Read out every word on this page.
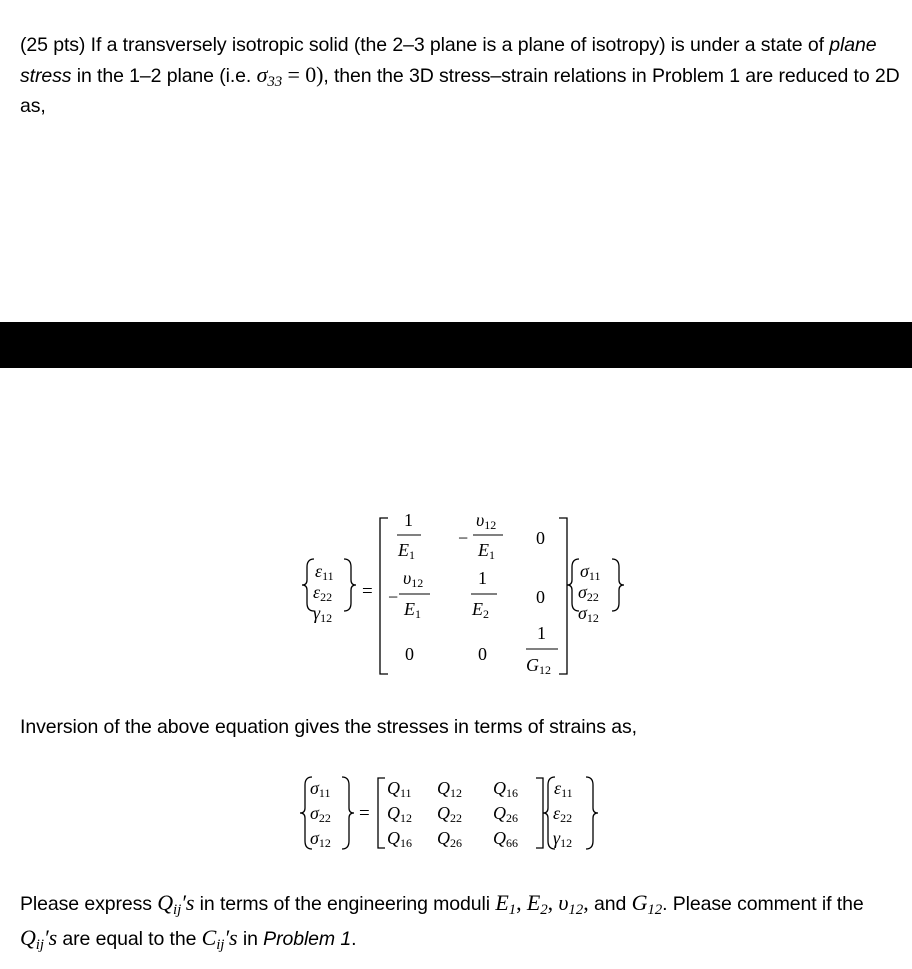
(25 pts) If a transversely isotropic solid (the 2–3 plane is a plane of isotropy) is under a state of plane stress in the 1–2 plane (i.e. $\sigma_{33} = 0$), then the 3D stress–strain relations in Problem 1 are reduced to 2D as,
ε11
ε22
γ12
=
1
E1
−
υ12
E1
0
−
υ12
E1
1
E2
0
0	0
1
G12
σ11
σ22
σ12
Inversion of the above equation gives the stresses in terms of strains as,
σ11
σ22
σ12
=
Q11 Q12 Q16
Q12 Q22 Q26
Q16 Q26 Q66
ε11
ε22
γ12
Please express $Q_{ij}'s$ in terms of the engineering moduli $E_1$, $E_2$, $\upsilon_{12}$, and $G_{12}$. Please comment if the $Q_{ij}'s$ are equal to the $C_{ij}'s$ in Problem 1.
